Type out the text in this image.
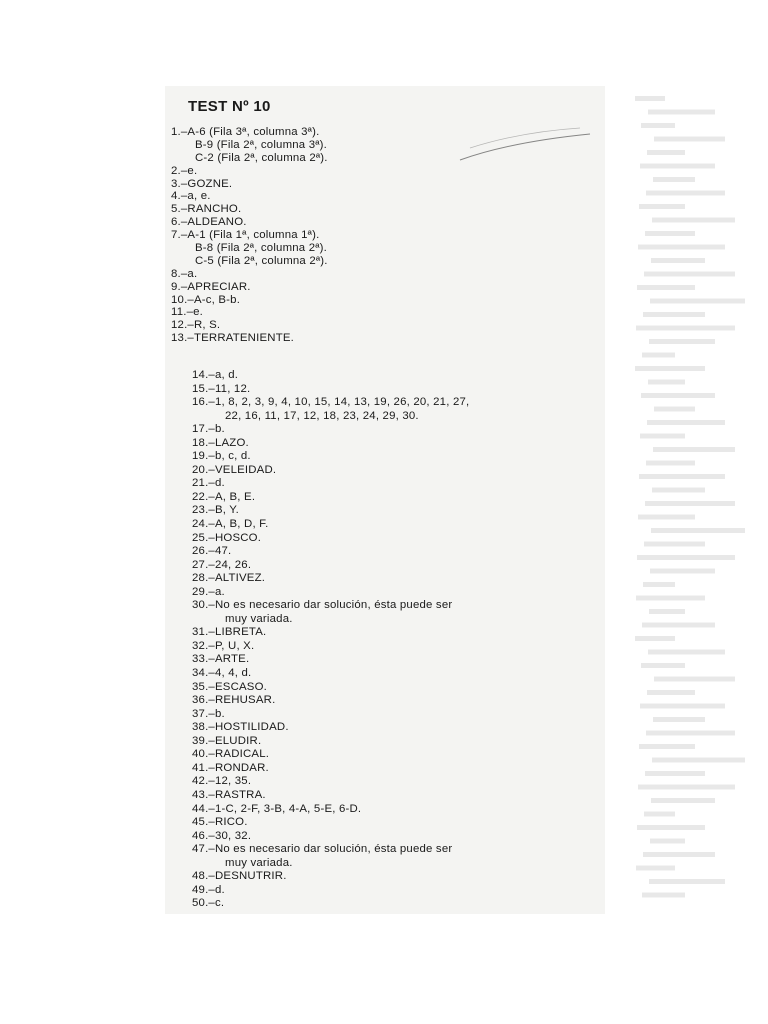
TEST Nº 10
1.–A-6 (Fila 3ª, columna 3ª).
B-9 (Fila 2ª, columna 3ª).
C-2 (Fila 2ª, columna 2ª).
2.–e.
3.–GOZNE.
4.–a, e.
5.–RANCHO.
6.–ALDEANO.
7.–A-1 (Fila 1ª, columna 1ª).
B-8 (Fila 2ª, columna 2ª).
C-5 (Fila 2ª, columna 2ª).
8.–a.
9.–APRECIAR.
10.–A-c, B-b.
11.–e.
12.–R, S.
13.–TERRATENIENTE.
14.–a, d.
15.–11, 12.
16.–1, 8, 2, 3, 9, 4, 10, 15, 14, 13, 19, 26, 20, 21, 27,
22, 16, 11, 17, 12, 18, 23, 24, 29, 30.
17.–b.
18.–LAZO.
19.–b, c, d.
20.–VELEIDAD.
21.–d.
22.–A, B, E.
23.–B, Y.
24.–A, B, D, F.
25.–HOSCO.
26.–47.
27.–24, 26.
28.–ALTIVEZ.
29.–a.
30.–No es necesario dar solución, ésta puede ser
muy variada.
31.–LIBRETA.
32.–P, U, X.
33.–ARTE.
34.–4, 4, d.
35.–ESCASO.
36.–REHUSAR.
37.–b.
38.–HOSTILIDAD.
39.–ELUDIR.
40.–RADICAL.
41.–RONDAR.
42.–12, 35.
43.–RASTRA.
44.–1-C, 2-F, 3-B, 4-A, 5-E, 6-D.
45.–RICO.
46.–30, 32.
47.–No es necesario dar solución, ésta puede ser
muy variada.
48.–DESNUTRIR.
49.–d.
50.–c.
